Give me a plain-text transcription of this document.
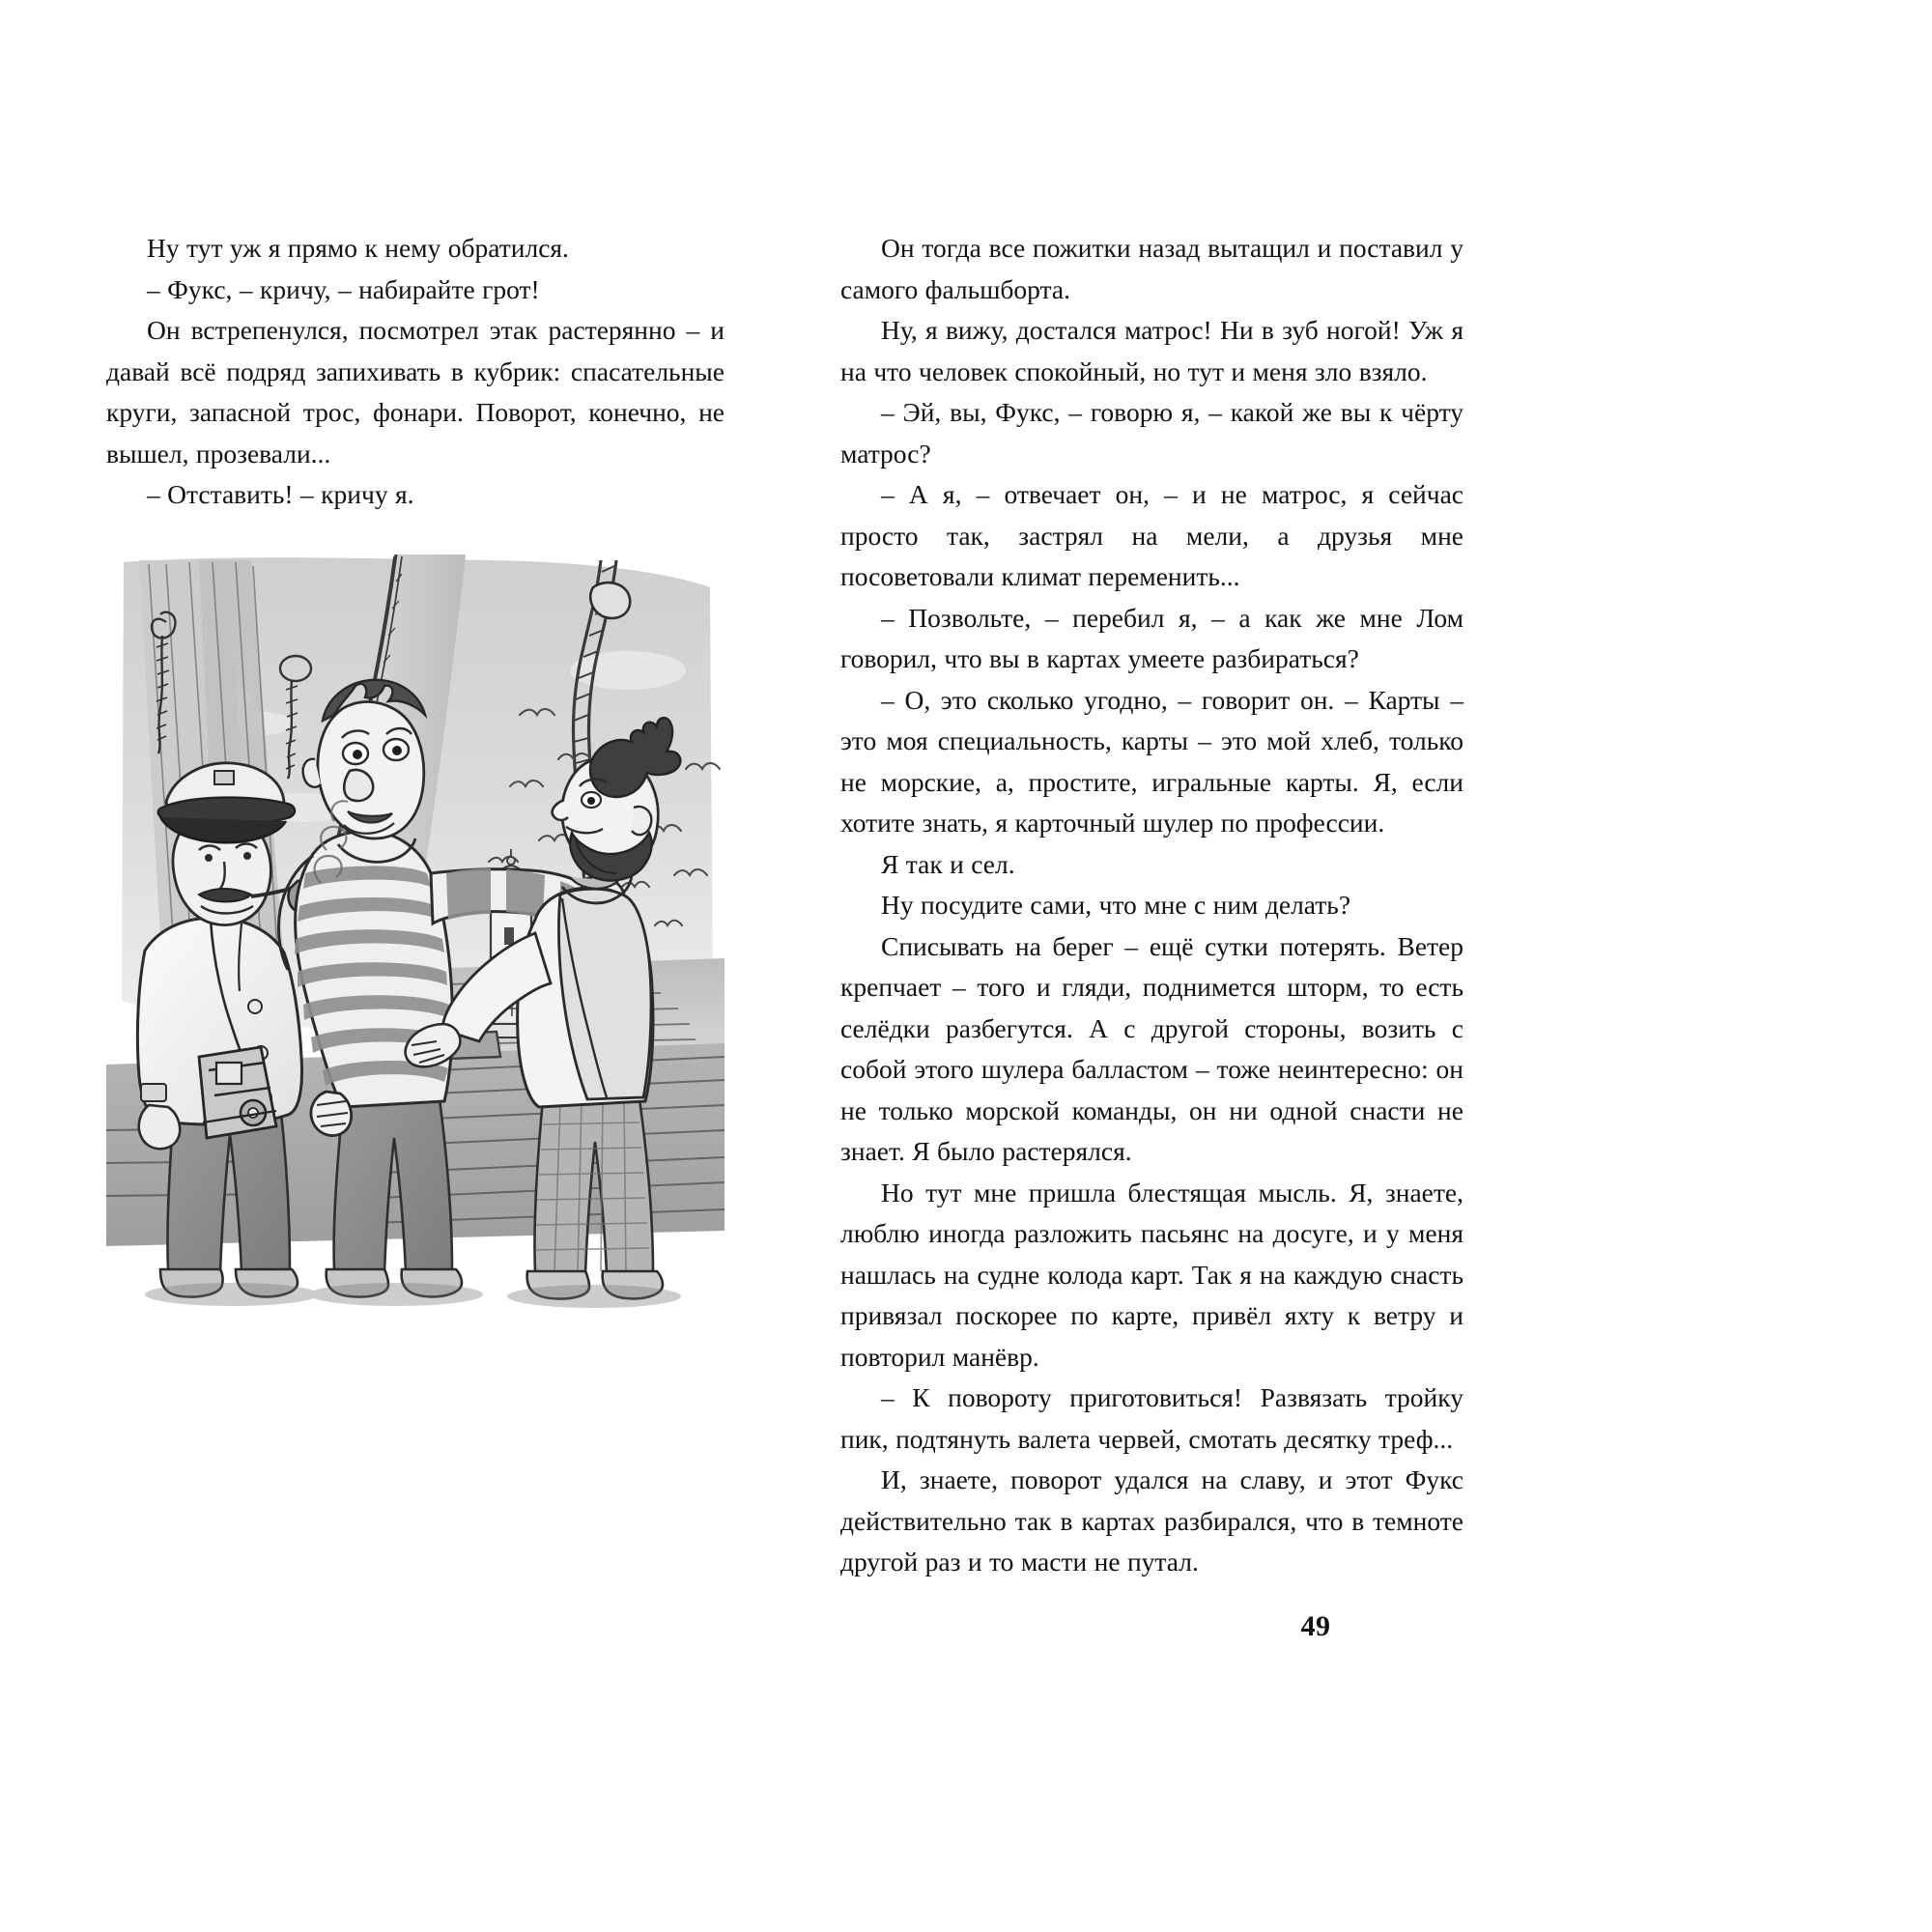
Ну тут уж я прямо к нему обратился.

– Фукс, – кричу, – набирайте грот!

Он встрепенулся, посмотрел этак растерянно – и давай всё подряд запихивать в кубрик: спасательные круги, запасной трос, фонари. Поворот, конечно, не вышел, прозевали...

– Отставить! – кричу я.

Он тогда все пожитки назад вытащил и поставил у самого фальшборта.

Ну, я вижу, достался матрос! Ни в зуб ногой! Уж я на что человек спокойный, но тут и меня зло взяло.

– Эй, вы, Фукс, – говорю я, – какой же вы к чёрту матрос?

– А я, – отвечает он, – и не матрос, я сейчас просто так, застрял на мели, а друзья мне посоветовали климат переменить...

– Позвольте, – перебил я, – а как же мне Лом говорил, что вы в картах умеете разбираться?

– О, это сколько угодно, – говорит он. – Карты – это моя специальность, карты – это мой хлеб, только не морские, а, простите, игральные карты. Я, если хотите знать, я карточный шулер по профессии.

Я так и сел.

Ну посудите сами, что мне с ним делать?

Списывать на берег – ещё сутки потерять. Ветер крепчает – того и гляди, поднимется шторм, то есть селёдки разбегутся. А с другой стороны, возить с собой этого шулера балластом – тоже неинтересно: он не только морской команды, он ни одной снасти не знает. Я было растерялся.

Но тут мне пришла блестящая мысль. Я, знаете, люблю иногда разложить пасьянс на досуге, и у меня нашлась на судне колода карт. Так я на каждую снасть привязал поскорее по карте, привёл яхту к ветру и повторил манёвр.

– К повороту приготовиться! Развязать тройку пик, подтянуть валета червей, смотать десятку треф...

И, знаете, поворот удался на славу, и этот Фукс действительно так в картах разбирался, что в темноте другой раз и то масти не путал.

49
